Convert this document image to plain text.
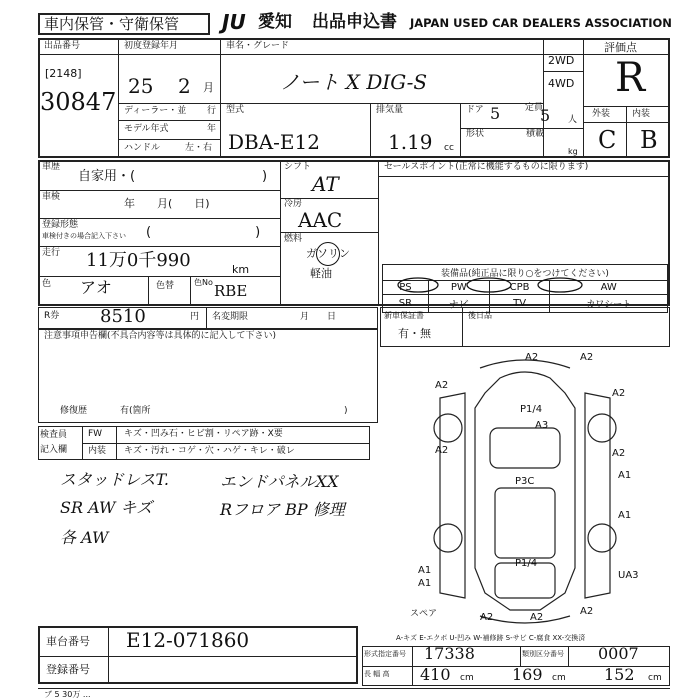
車内保管・守衛保管 JU 愛知 出品申込書 JAPAN USED CAR DEALERS ASSOCIATION
出品番号
[2148]
30847
初度登録年月
25 2 月
ディーラー・並 行
モデル年式	年
ハンドル	左・右
車名・グレード
ノート X DIG-S
2WD
4WD
評価点
R
外装 内装
C B
型式
DBA-E12
排気量
1.19 cc
ドア 5	定員
5 人
形状	積載
kg
車歴
自家用・(	)
車検	年　　月(　　日)
登録形態
車検付きの場合記入下さい (　　　　　　　　)
走行 11万0千990	km
色 アオ	色替 色No RBE
シフト
AT
冷房
AAC
燃料
ガソリン
軽油
セールスポイント(正常に機能するものに限ります)
装備品(純正品に限り○をつけてください)			
PS	PW	CPB	AW
SR	ナビ	TV	カワシート
R券 8510	円 名変期限	月　　日	新車保証書
有・無
後日品
注意事項申告欄(不具合内容等は具体的に記入して下さい)
修復歴	有(箇所	)
検査員
記入欄
FW キズ・凹み石・ヒビ割・リペア跡・X要
内装 キズ・汚れ・コゲ・穴・ハゲ・キレ・破レ
スタッドレスT.
SR AW キズ
各 AW
エンドパネルXX
Rフロア BP 修理
A2	A2
A2
A2
P1/4
A3
A2	A2
A1
P3C
A1
A1
P1/4
UA3
A2	A2
A2
A1
スペア
A-キズ E-エクボ U-凹み W-補修跡 S-サビ C-腐食 XX-交換済
車台番号 E12-071860
登録番号
形式指定番号 17338	類別区分番号 0007
長 幅 高 410 cm 169 cm 152 cm
ブ 5 30万 ...
